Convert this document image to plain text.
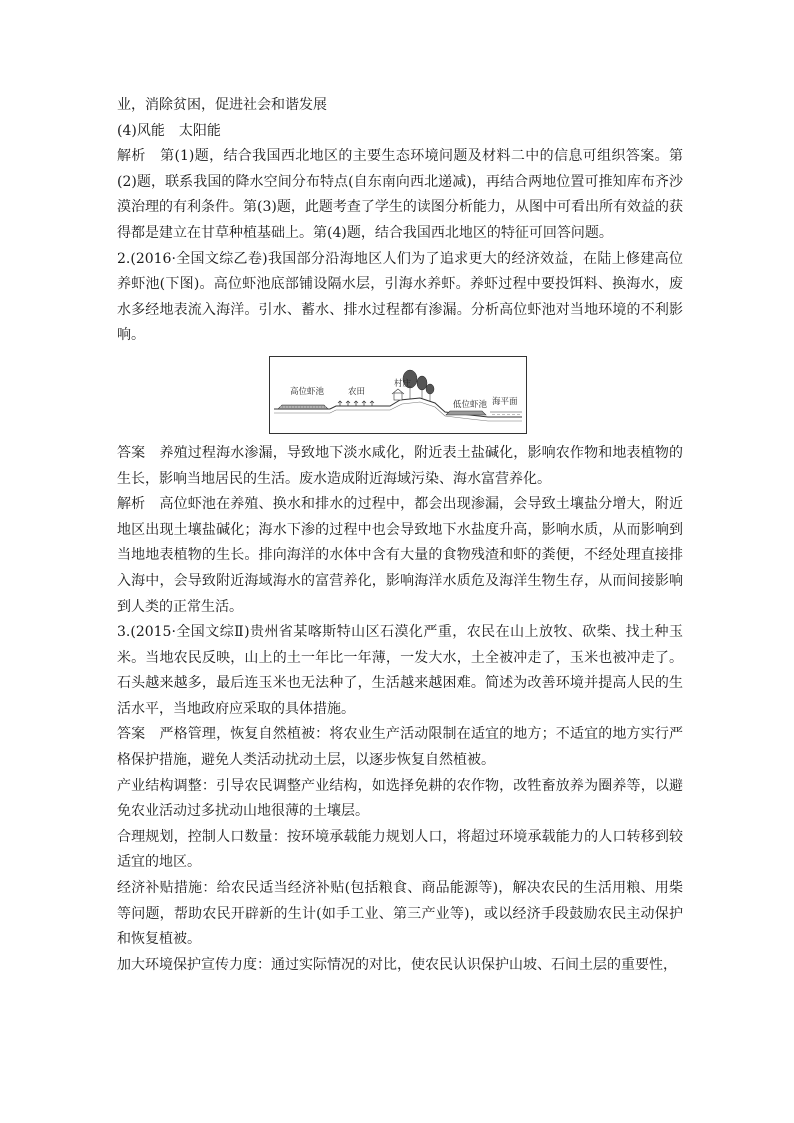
业，消除贫困，促进社会和谐发展

(4)风能　太阳能

解析　第(1)题，结合我国西北地区的主要生态环境问题及材料二中的信息可组织答案。第(2)题，联系我国的降水空间分布特点(自东南向西北递减)，再结合两地位置可推知库布齐沙漠治理的有利条件。第(3)题，此题考查了学生的读图分析能力，从图中可看出所有效益的获得都是建立在甘草种植基础上。第(4)题，结合我国西北地区的特征可回答问题。

2.(2016·全国文综乙卷)我国部分沿海地区人们为了追求更大的经济效益，在陆上修建高位养虾池(下图)。高位虾池底部铺设隔水层，引海水养虾。养虾过程中要投饵料、换海水，废水多经地表流入海洋。引水、蓄水、排水过程都有渗漏。分析高位虾池对当地环境的不利影响。

高位虾池	农田
村庄
低位虾池 海平面

答案　养殖过程海水渗漏，导致地下淡水咸化，附近表土盐碱化，影响农作物和地表植物的生长，影响当地居民的生活。废水造成附近海域污染、海水富营养化。

解析　高位虾池在养殖、换水和排水的过程中，都会出现渗漏，会导致土壤盐分增大，附近地区出现土壤盐碱化；海水下渗的过程中也会导致地下水盐度升高，影响水质，从而影响到当地地表植物的生长。排向海洋的水体中含有大量的食物残渣和虾的粪便，不经处理直接排入海中，会导致附近海域海水的富营养化，影响海洋水质危及海洋生物生存，从而间接影响到人类的正常生活。

3.(2015·全国文综Ⅱ)贵州省某喀斯特山区石漠化严重，农民在山上放牧、砍柴、找土种玉米。当地农民反映，山上的土一年比一年薄，一发大水，土全被冲走了，玉米也被冲走了。石头越来越多，最后连玉米也无法种了，生活越来越困难。简述为改善环境并提高人民的生活水平，当地政府应采取的具体措施。

答案　严格管理，恢复自然植被：将农业生产活动限制在适宜的地方；不适宜的地方实行严格保护措施，避免人类活动扰动土层，以逐步恢复自然植被。

产业结构调整：引导农民调整产业结构，如选择免耕的农作物，改牲畜放养为圈养等，以避免农业活动过多扰动山地很薄的土壤层。

合理规划，控制人口数量：按环境承载能力规划人口，将超过环境承载能力的人口转移到较适宜的地区。

经济补贴措施：给农民适当经济补贴(包括粮食、商品能源等)，解决农民的生活用粮、用柴等问题，帮助农民开辟新的生计(如手工业、第三产业等)，或以经济手段鼓励农民主动保护和恢复植被。

加大环境保护宣传力度：通过实际情况的对比，使农民认识保护山坡、石间土层的重要性，
